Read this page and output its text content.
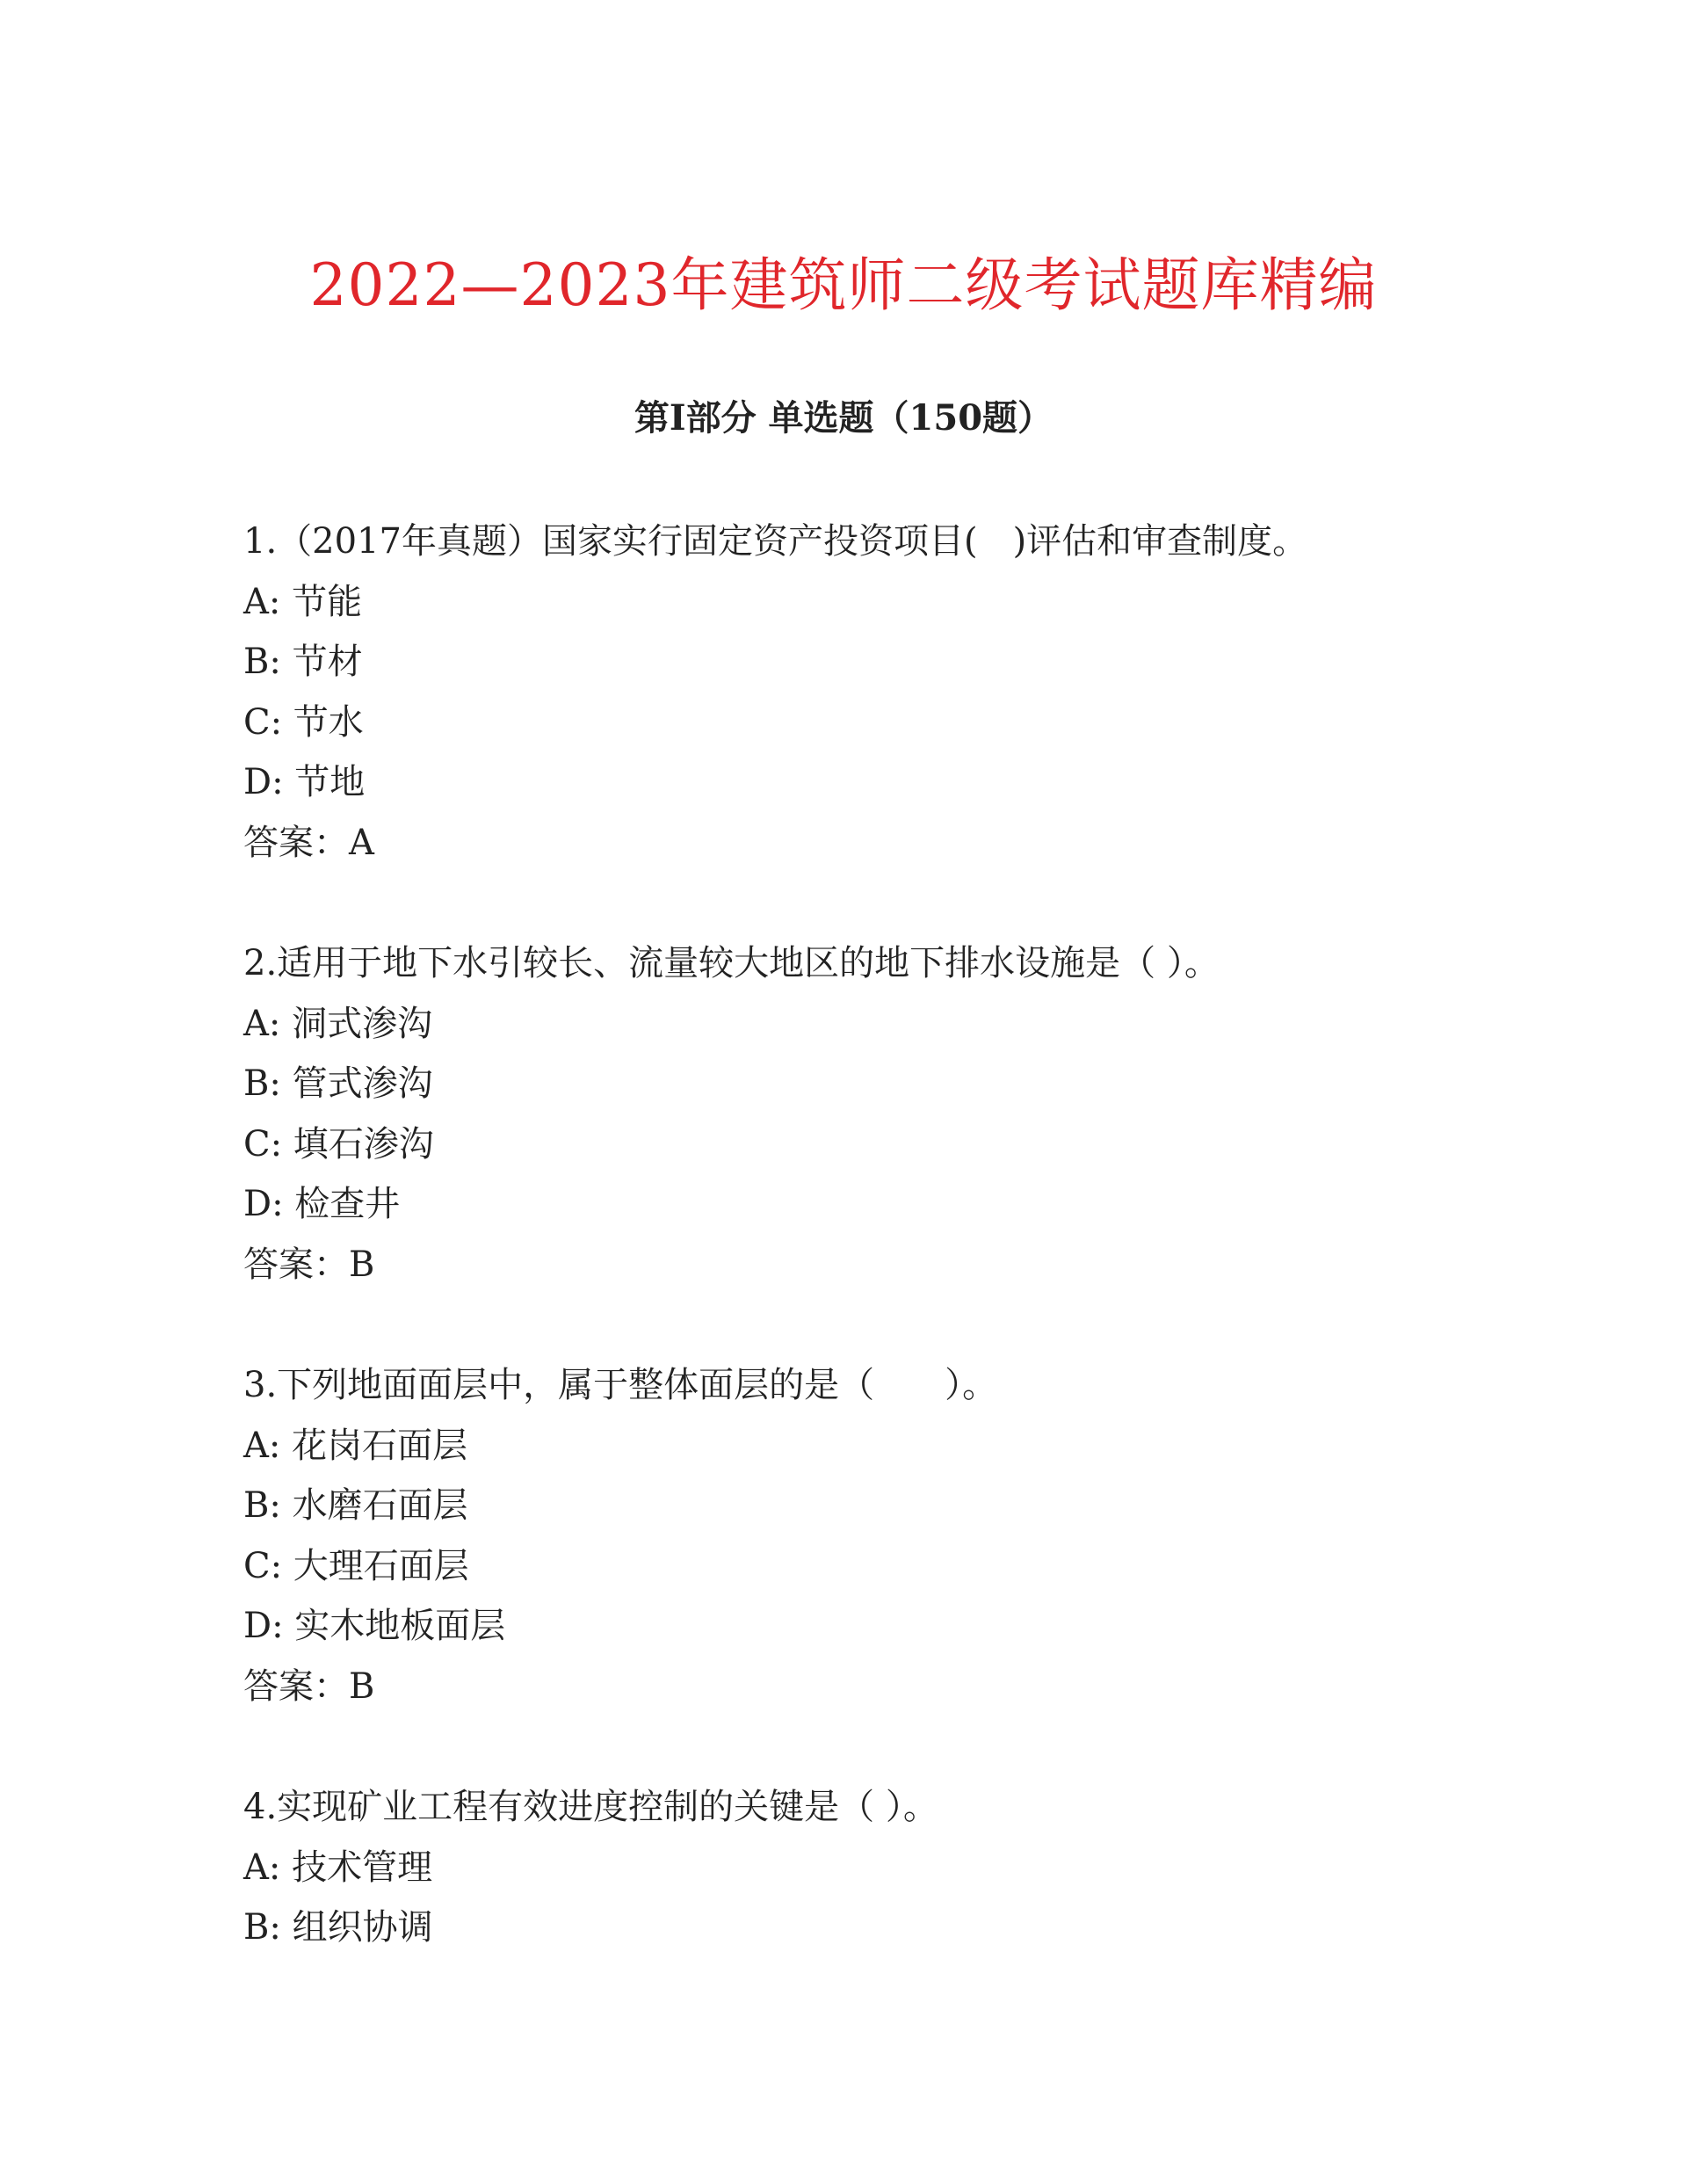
2022—2023年建筑师二级考试题库精编
第I部分 单选题（150题）
1.（2017年真题）国家实行固定资产投资项目(　)评估和审查制度。
A: 节能
B: 节材
C: 节水
D: 节地
答案：A
2.适用于地下水引较长、流量较大地区的地下排水设施是（ ）。
A: 洞式渗沟
B: 管式渗沟
C: 填石渗沟
D: 检查井
答案：B
3.下列地面面层中，属于整体面层的是（　　）。
A: 花岗石面层
B: 水磨石面层
C: 大理石面层
D: 实木地板面层
答案：B
4.实现矿业工程有效进度控制的关键是（ ）。
A: 技术管理
B: 组织协调
